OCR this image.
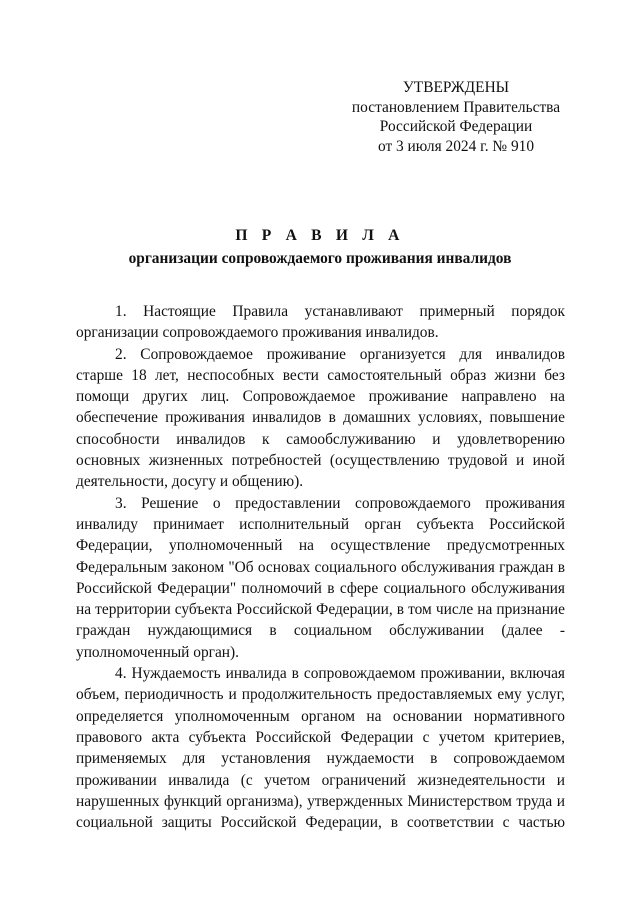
УТВЕРЖДЕНЫ
постановлением Правительства
Российской Федерации
от 3 июля 2024 г. № 910
П Р А В И Л А
организации сопровождаемого проживания инвалидов

1. Настоящие Правила устанавливают примерный порядок организации сопровождаемого проживания инвалидов.

2. Сопровождаемое проживание организуется для инвалидов старше 18 лет, неспособных вести самостоятельный образ жизни без помощи других лиц. Сопровождаемое проживание направлено на обеспечение проживания инвалидов в домашних условиях, повышение способности инвалидов к самообслуживанию и удовлетворению основных жизненных потребностей (осуществлению трудовой и иной деятельности, досугу и общению).

3. Решение о предоставлении сопровождаемого проживания инвалиду принимает исполнительный орган субъекта Российской Федерации, уполномоченный на осуществление предусмотренных Федеральным законом "Об основах социального обслуживания граждан в Российской Федерации" полномочий в сфере социального обслуживания на территории субъекта Российской Федерации, в том числе на признание граждан нуждающимися в социальном обслуживании (далее - уполномоченный орган).

4. Нуждаемость инвалида в сопровождаемом проживании, включая объем, периодичность и продолжительность предоставляемых ему услуг, определяется уполномоченным органом на основании нормативного правового акта субъекта Российской Федерации с учетом критериев, применяемых для установления нуждаемости в сопровождаемом проживании инвалида (с учетом ограничений жизнедеятельности и нарушенных функций организма), утвержденных Министерством труда и социальной защиты Российской Федерации, в соответствии с частью
